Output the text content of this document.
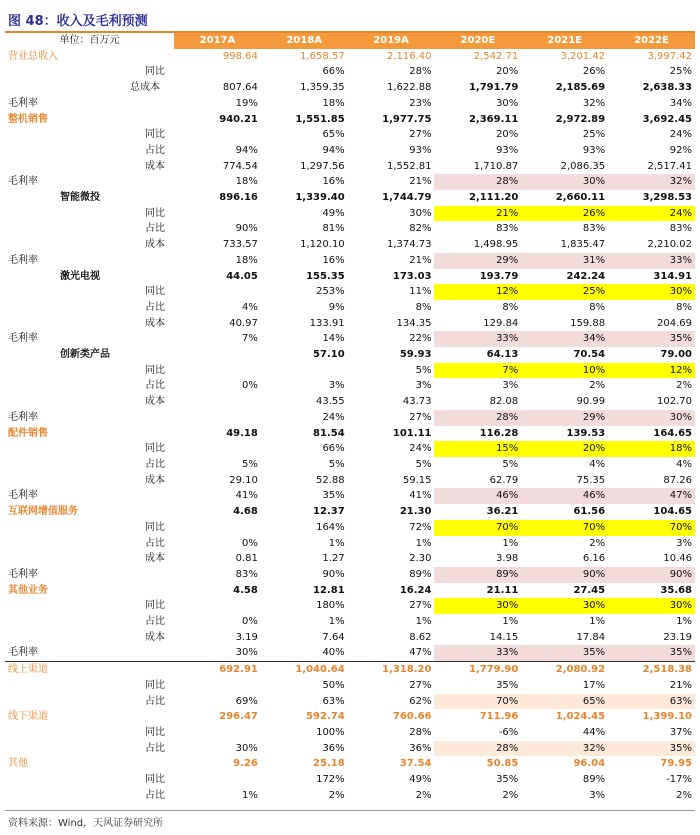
图 48：收入及毛利预测
单位：百万元	2017A	2018A	2019A	2020E	2021E	2022E
营业总收入	998.64	1,658.57	2,116.40	2,542.71	3,201.42	3,997.42
同比		66%	28%	20%	26%	25%
总成本	807.64	1,359.35	1,622.88	1,791.79	2,185.69	2,638.33
毛利率	19%	18%	23%	30%	32%	34%
整机销售	940.21	1,551.85	1,977.75	2,369.11	2,972.89	3,692.45
同比		65%	27%	20%	25%	24%
占比	94%	94%	93%	93%	93%	92%
成本	774.54	1,297.56	1,552.81	1,710.87	2,086.35	2,517.41
毛利率	18%	16%	21%	28%	30%	32%
智能微投	896.16	1,339.40	1,744.79	2,111.20	2,660.11	3,298.53
同比		49%	30%	21%	26%	24%
占比	90%	81%	82%	83%	83%	83%
成本	733.57	1,120.10	1,374.73	1,498.95	1,835.47	2,210.02
毛利率	18%	16%	21%	29%	31%	33%
激光电视	44.05	155.35	173.03	193.79	242.24	314.91
同比		253%	11%	12%	25%	30%
占比	4%	9%	8%	8%	8%	8%
成本	40.97	133.91	134.35	129.84	159.88	204.69
毛利率	7%	14%	22%	33%	34%	35%
创新类产品		57.10	59.93	64.13	70.54	79.00
同比			5%	7%	10%	12%
占比	0%	3%	3%	3%	2%	2%
成本		43.55	43.73	82.08	90.99	102.70
毛利率		24%	27%	28%	29%	30%
配件销售	49.18	81.54	101.11	116.28	139.53	164.65
同比		66%	24%	15%	20%	18%
占比	5%	5%	5%	5%	4%	4%
成本	29.10	52.88	59.15	62.79	75.35	87.26
毛利率	41%	35%	41%	46%	46%	47%
互联网增值服务	4.68	12.37	21.30	36.21	61.56	104.65
同比		164%	72%	70%	70%	70%
占比	0%	1%	1%	1%	2%	3%
成本	0.81	1.27	2.30	3.98	6.16	10.46
毛利率	83%	90%	89%	89%	90%	90%
其他业务	4.58	12.81	16.24	21.11	27.45	35.68
同比		180%	27%	30%	30%	30%
占比	0%	1%	1%	1%	1%	1%
成本	3.19	7.64	8.62	14.15	17.84	23.19
毛利率	30%	40%	47%	33%	35%	35%
线上渠道	692.91	1,040.64	1,318.20	1,779.90	2,080.92	2,518.38
同比		50%	27%	35%	17%	21%
占比	69%	63%	62%	70%	65%	63%
线下渠道	296.47	592.74	760.66	711.96	1,024.45	1,399.10
同比		100%	28%	-6%	44%	37%
占比	30%	36%	36%	28%	32%	35%
其他	9.26	25.18	37.54	50.85	96.04	79.95
同比		172%	49%	35%	89%	-17%
占比	1%	2%	2%	2%	3%	2%
资料来源：Wind，天风证券研究所
